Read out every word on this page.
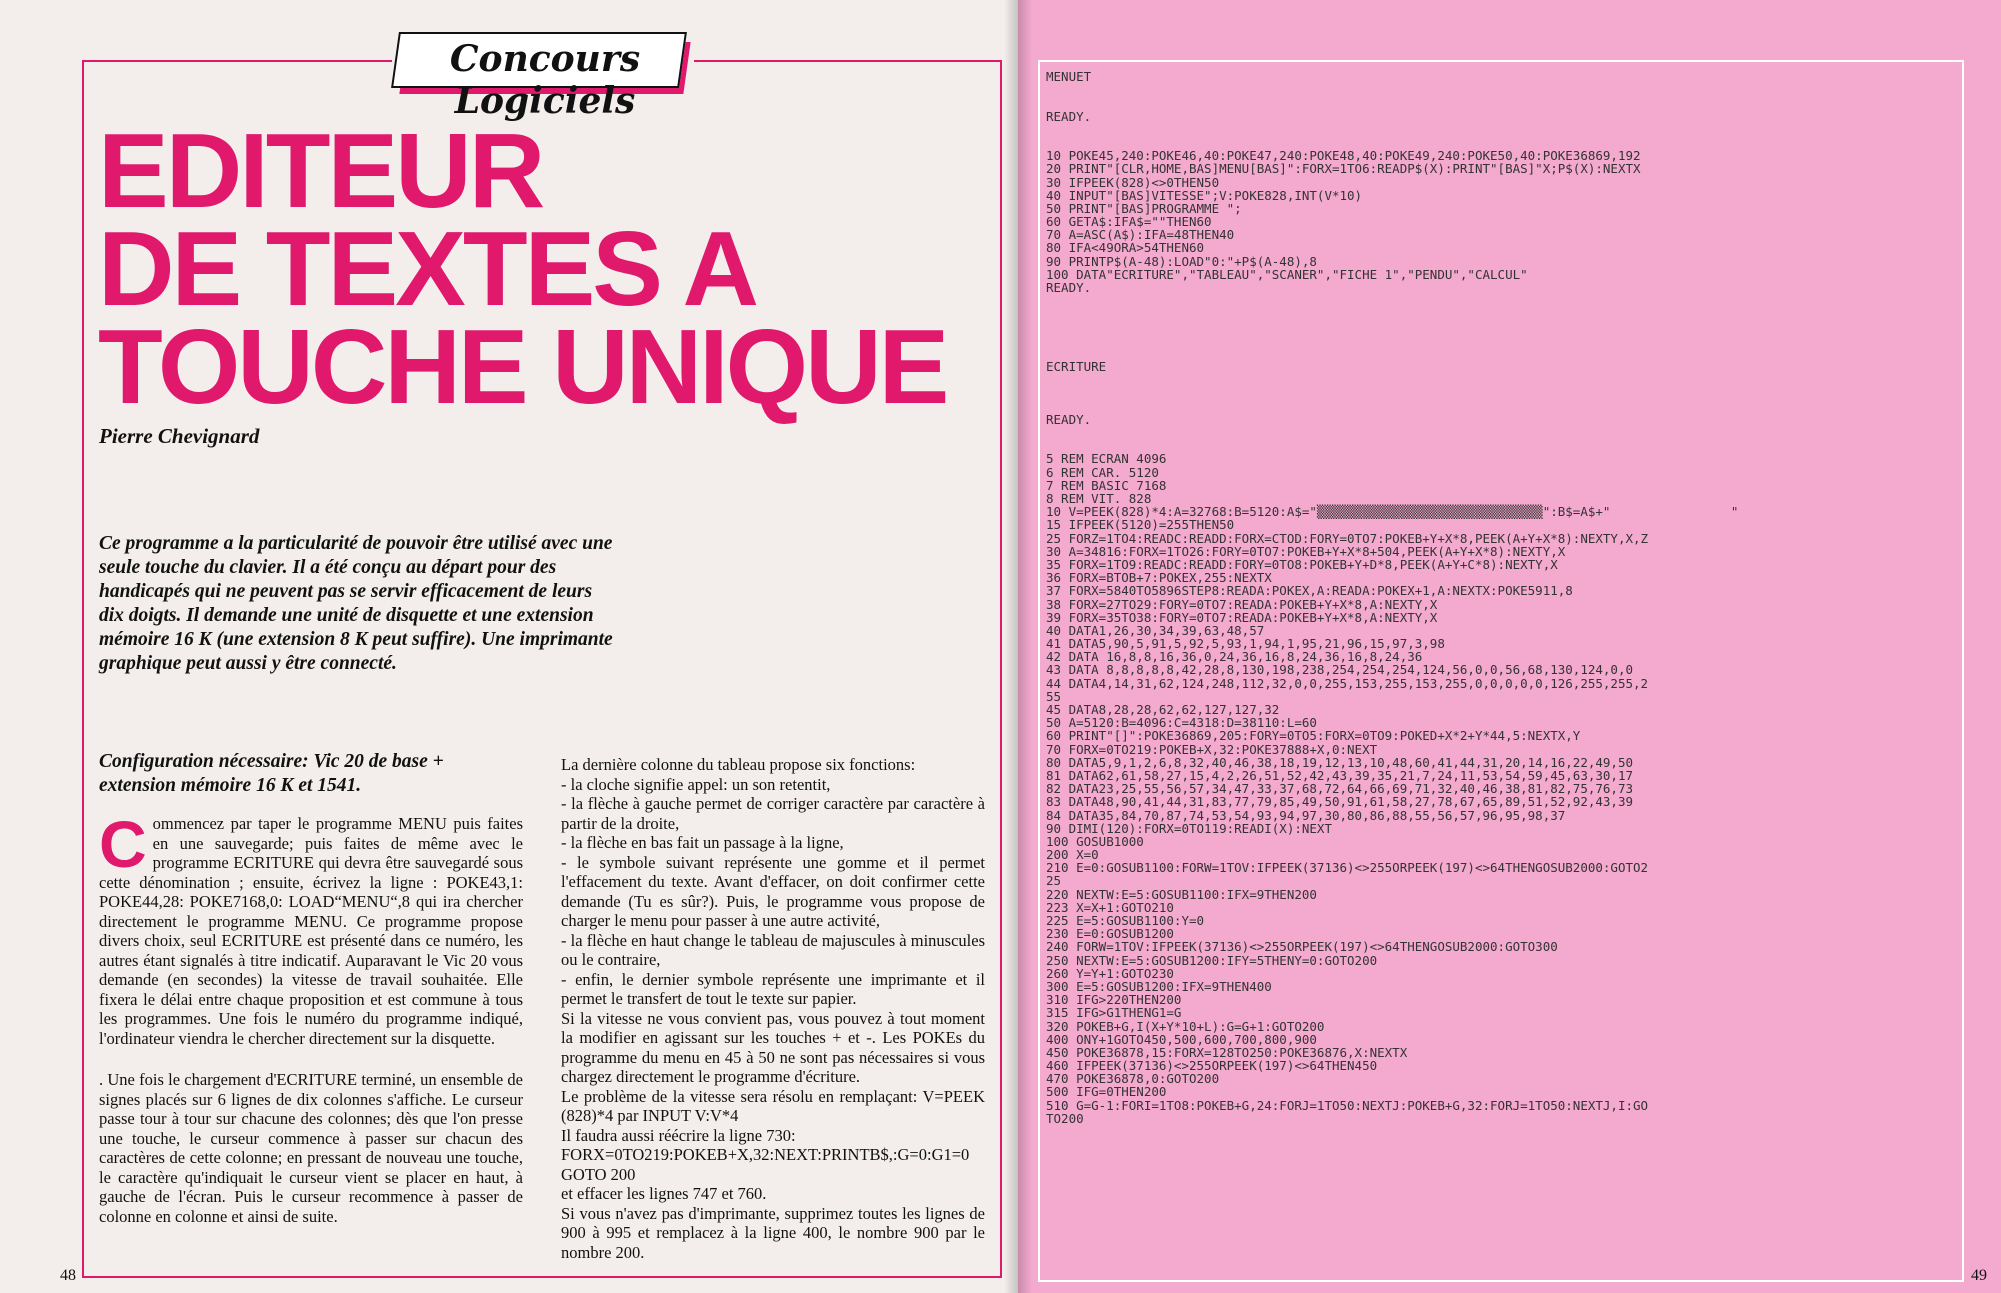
Concours Logiciels
EDITEUR
DE TEXTES A
TOUCHE UNIQUE
Pierre Chevignard

Ce programme a la particularité de pouvoir être utilisé avec une seule touche du clavier. Il a été conçu au départ pour des handicapés qui ne peuvent pas se servir efficacement de leurs dix doigts. Il demande une unité de disquette et une extension mémoire 16 K (une extension 8 K peut suffire). Une imprimante graphique peut aussi y être connecté.

Configuration nécessaire: Vic 20 de base + extension mémoire 16 K et 1541.

Commencez par taper le programme MENU puis faites en une sauvegarde; puis faites de même avec le programme ECRITURE qui devra être sauvegardé sous cette dénomination ; ensuite, écrivez la ligne : POKE43,1: POKE44,28: POKE7168,0: LOAD“MENU“,8 qui ira chercher directement le programme MENU. Ce programme propose divers choix, seul ECRITURE est présenté dans ce numéro, les autres étant signalés à titre indicatif. Auparavant le Vic 20 vous demande (en secondes) la vitesse de travail souhaitée. Elle fixera le délai entre chaque proposition et est commune à tous les programmes. Une fois le numéro du programme indiqué, l'ordinateur viendra le chercher directement sur la disquette.

. Une fois le chargement d'ECRITURE terminé, un ensemble de signes placés sur 6 lignes de dix colonnes s'affiche. Le curseur passe tour à tour sur chacune des colonnes; dès que l'on presse une touche, le curseur commence à passer sur chacun des caractères de cette colonne; en pressant de nouveau une touche, le caractère qu'indiquait le curseur vient se placer en haut, à gauche de l'écran. Puis le curseur recommence à passer de colonne en colonne et ainsi de suite.

La dernière colonne du tableau propose six fonctions:
- la cloche signifie appel: un son retentit,
- la flèche à gauche permet de corriger caractère par caractère à partir de la droite,
- la flèche en bas fait un passage à la ligne,
- le symbole suivant représente une gomme et il permet l'effacement du texte. Avant d'effacer, on doit confirmer cette demande (Tu es sûr?). Puis, le programme vous propose de charger le menu pour passer à une autre activité,
- la flèche en haut change le tableau de majuscules à minuscules ou le contraire,
- enfin, le dernier symbole représente une imprimante et il permet le transfert de tout le texte sur papier.
Si la vitesse ne vous convient pas, vous pouvez à tout moment la modifier en agissant sur les touches + et -. Les POKEs du programme du menu en 45 à 50 ne sont pas nécessaires si vous chargez directement le programme d'écriture.
Le problème de la vitesse sera résolu en remplaçant: V=PEEK (828)*4 par INPUT V:V*4
Il faudra aussi réécrire la ligne 730:
FORX=0TO219:POKEB+X,32:NEXT:PRINTB$,:G=0:G1=0 GOTO 200
et effacer les lignes 747 et 760.
Si vous n'avez pas d'imprimante, supprimez toutes les lignes de 900 à 995 et remplacez à la ligne 400, le nombre 900 par le nombre 200.
48
MENUET
READY.
10 POKE45,240:POKE46,40:POKE47,240:POKE48,40:POKE49,240:POKE50,40:POKE36869,192
20 PRINT"[CLR,HOME,BAS]MENU[BAS]":FORX=1TO6:READP$(X):PRINT"[BAS]"X;P$(X):NEXTX
30 IFPEEK(828)<>0THEN50
40 INPUT"[BAS]VITESSE";V:POKE828,INT(V*10)
50 PRINT"[BAS]PROGRAMME ";
60 GETA$:IFA$=""THEN60
70 A=ASC(A$):IFA=48THEN40
80 IFA<49ORA>54THEN60
90 PRINTP$(A-48):LOAD"0:"+P$(A-48),8
100 DATA"ECRITURE","TABLEAU","SCANER","FICHE 1","PENDU","CALCUL"
READY.
ECRITURE
READY.
5 REM ECRAN 4096
6 REM CAR. 5120
7 REM BASIC 7168
8 REM VIT. 828
10 V=PEEK(828)*4:A=32768:B=5120:A$="▒▒▒▒▒▒▒▒▒▒▒▒▒▒▒▒▒▒▒▒▒▒▒▒▒▒▒▒▒▒":B$=A$+"                "
15 IFPEEK(5120)=255THEN50
25 FORZ=1TO4:READC:READD:FORX=CTOD:FORY=0TO7:POKEB+Y+X*8,PEEK(A+Y+X*8):NEXTY,X,Z
30 A=34816:FORX=1TO26:FORY=0TO7:POKEB+Y+X*8+504,PEEK(A+Y+X*8):NEXTY,X
35 FORX=1TO9:READC:READD:FORY=0TO8:POKEB+Y+D*8,PEEK(A+Y+C*8):NEXTY,X
36 FORX=BTOB+7:POKEX,255:NEXTX
37 FORX=5840TO5896STEP8:READA:POKEX,A:READA:POKEX+1,A:NEXTX:POKE5911,8
38 FORX=27TO29:FORY=0TO7:READA:POKEB+Y+X*8,A:NEXTY,X
39 FORX=35TO38:FORY=0TO7:READA:POKEB+Y+X*8,A:NEXTY,X
40 DATA1,26,30,34,39,63,48,57
41 DATA5,90,5,91,5,92,5,93,1,94,1,95,21,96,15,97,3,98
42 DATA 16,8,8,16,36,0,24,36,16,8,24,36,16,8,24,36
43 DATA 8,8,8,8,8,42,28,8,130,198,238,254,254,254,124,56,0,0,56,68,130,124,0,0
44 DATA4,14,31,62,124,248,112,32,0,0,255,153,255,153,255,0,0,0,0,0,126,255,255,2
55
45 DATA8,28,28,62,62,127,127,32
50 A=5120:B=4096:C=4318:D=38110:L=60
60 PRINT"[]":POKE36869,205:FORY=0TO5:FORX=0TO9:POKED+X*2+Y*44,5:NEXTX,Y
70 FORX=0TO219:POKEB+X,32:POKE37888+X,0:NEXT
80 DATA5,9,1,2,6,8,32,40,46,38,18,19,12,13,10,48,60,41,44,31,20,14,16,22,49,50
81 DATA62,61,58,27,15,4,2,26,51,52,42,43,39,35,21,7,24,11,53,54,59,45,63,30,17
82 DATA23,25,55,56,57,34,47,33,37,68,72,64,66,69,71,32,40,46,38,81,82,75,76,73
83 DATA48,90,41,44,31,83,77,79,85,49,50,91,61,58,27,78,67,65,89,51,52,92,43,39
84 DATA35,84,70,87,74,53,54,93,94,97,30,80,86,88,55,56,57,96,95,98,37
90 DIMI(120):FORX=0TO119:READI(X):NEXT
100 GOSUB1000
200 X=0
210 E=0:GOSUB1100:FORW=1TOV:IFPEEK(37136)<>255ORPEEK(197)<>64THENGOSUB2000:GOTO2
25
220 NEXTW:E=5:GOSUB1100:IFX=9THEN200
223 X=X+1:GOTO210
225 E=5:GOSUB1100:Y=0
230 E=0:GOSUB1200
240 FORW=1TOV:IFPEEK(37136)<>255ORPEEK(197)<>64THENGOSUB2000:GOTO300
250 NEXTW:E=5:GOSUB1200:IFY=5THENY=0:GOTO200
260 Y=Y+1:GOTO230
300 E=5:GOSUB1200:IFX=9THEN400
310 IFG>220THEN200
315 IFG>G1THENG1=G
320 POKEB+G,I(X+Y*10+L):G=G+1:GOTO200
400 ONY+1GOTO450,500,600,700,800,900
450 POKE36878,15:FORX=128TO250:POKE36876,X:NEXTX
460 IFPEEK(37136)<>255ORPEEK(197)<>64THEN450
470 POKE36878,0:GOTO200
500 IFG=0THEN200
510 G=G-1:FORI=1TO8:POKEB+G,24:FORJ=1TO50:NEXTJ:POKEB+G,32:FORJ=1TO50:NEXTJ,I:GO
TO200
49
